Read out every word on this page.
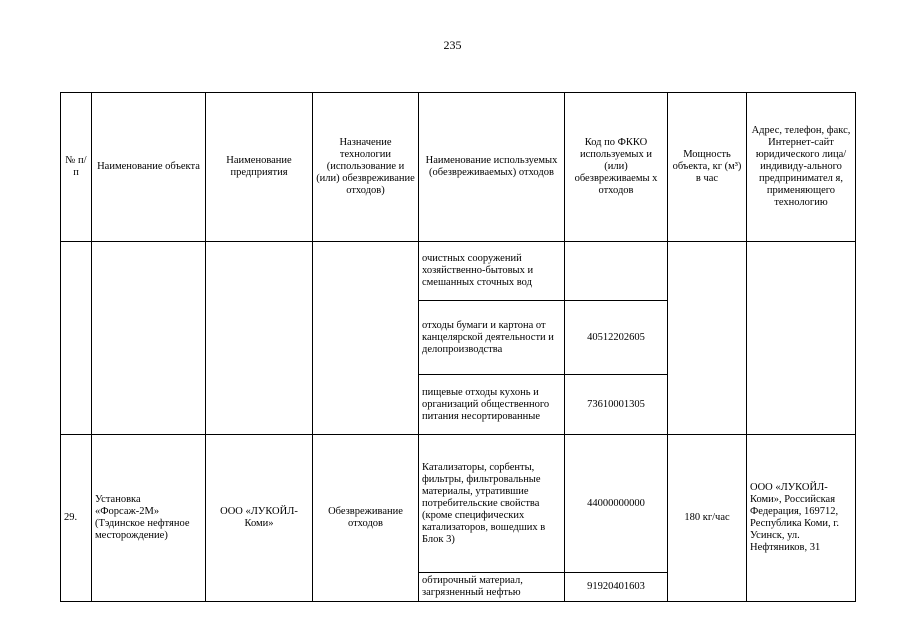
235
№ п/п	Наименование объекта	Наименование предприятия	Назначение технологии (использование и (или) обезвреживание отходов)	Наименование используемых (обезвреживаемых) отходов	Код по ФККО используемых и (или) обезвреживаемы х отходов	Мощность объекта, кг (м³) в час	Адрес, телефон, факс, Интернет-сайт юридического лица/индивиду-ального предпринимател я, применяющего технологию
				очистных сооружений хозяйственно-бытовых и смешанных сточных вод			
				отходы бумаги и картона от канцелярской деятельности и делопроизводства	40512202605		
				пищевые отходы кухонь и организаций общественного питания несортированные	73610001305		
29.	Установка «Форсаж-2М» (Тэдинское нефтяное месторождение)	ООО «ЛУКОЙЛ-Коми»	Обезвреживание отходов	Катализаторы, сорбенты, фильтры, фильтровальные материалы, утратившие потребительские свойства (кроме специфических катализаторов, вошедших в Блок 3)	44000000000	180 кг/час	ООО «ЛУКОЙЛ-Коми», Российская Федерация, 169712, Республика Коми, г. Усинск, ул. Нефтяников, 31
				обтирочный материал, загрязненный нефтью	91920401603		
